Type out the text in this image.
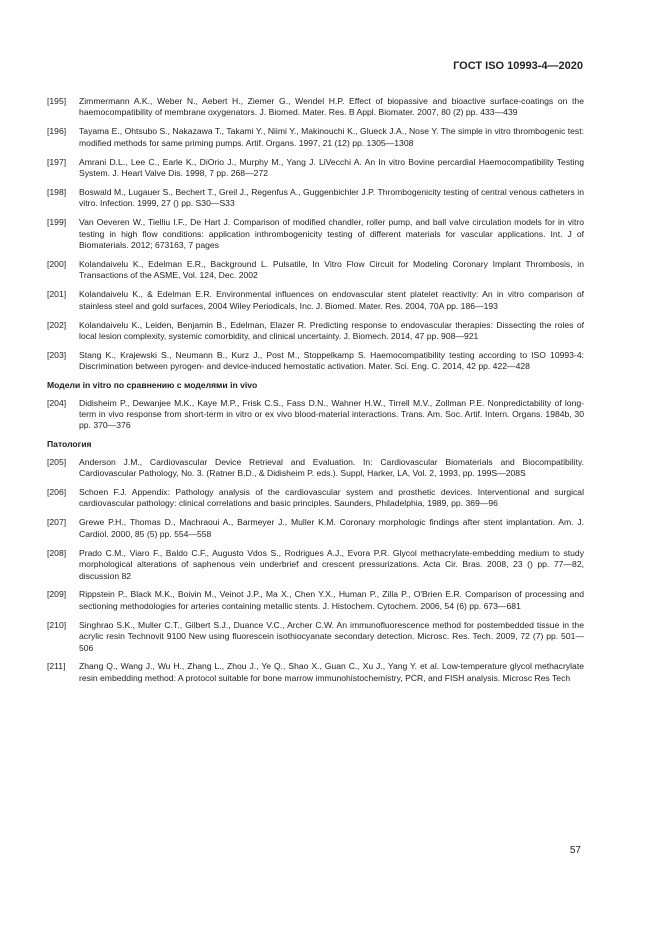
ГОСТ ISO 10993-4—2020
[195]	Zimmermann A.K., Weber N., Aebert H., Ziemer G., Wendel H.P. Effect of biopassive and bioactive surface-coatings on the haemocompatibility of membrane oxygenators. J. Biomed. Mater. Res. B Appl. Biomater. 2007, 80 (2) pp. 433—439
[196]	Tayama E., Ohtsubo S., Nakazawa T., Takami Y., Niimi Y., Makinouchi K., Glueck J.A., Nose Y. The simple in vitro thrombogenic test: modified methods for same priming pumps. Artif. Organs. 1997, 21 (12) pp. 1305—1308
[197]	Amrani D.L., Lee C., Earle K., DiOrio J., Murphy M., Yang J. LiVecchi A. An In vitro Bovine percardial Haemocompatibility Testing System. J. Heart Valve Dis. 1998, 7 pp. 268—272
[198]	Boswald M., Lugauer S., Bechert T., Greil J., Regenfus A., Guggenbichler J.P. Thrombogenicity testing of central venous catheters in vitro. Infection. 1999, 27 () pp. S30—S33
[199]	Van Oeveren W., Tielliu I.F., De Hart J. Comparison of modified chandler, roller pump, and ball valve circulation models for in vitro testing in high flow conditions: application inthrombogenicity testing of different materials for vascular applications. Int. J of Biomaterials. 2012; 673163, 7 pages
[200]	Kolandaivelu K., Edelman E.R., Background L. Pulsatile, In Vitro Flow Circuit for Modeling Coronary Implant Thrombosis, in Transactions of the ASME, Vol. 124, Dec. 2002
[201]	Kolandaivelu K., & Edelman E.R. Environmental influences on endovascular stent platelet reactivity: An in vitro comparison of stainless steel and gold surfaces, 2004 Wiley Periodicals, Inc. J. Biomed. Mater. Res. 2004, 70A pp. 186—193
[202]	Kolandaivelu K., Leiden, Benjamin B., Edelman, Elazer R. Predicting response to endovascular therapies: Dissecting the roles of local lesion complexity, systemic comorbidity, and clinical uncertainty. J. Biomech. 2014, 47 pp. 908—921
[203]	Stang K., Krajewski S., Neumann B., Kurz J., Post M., Stoppelkamp S. Haemocompatibility testing according to ISO 10993-4: Discrimination between pyrogen- and device-induced hemostatic activation. Mater. Sci. Eng. C. 2014, 42 pp. 422—428
Модели in vitro по сравнению с моделями in vivo
[204]	Didisheim P., Dewanjee M.K., Kaye M.P., Frisk C.S., Fass D.N., Wahner H.W., Tirrell M.V., Zollman P.E. Nonpredictability of long-term in vivo response from short-term in vitro or ex vivo blood-material interactions. Trans. Am. Soc. Artif. Intern. Organs. 1984b, 30 pp. 370—376
Патология
[205]	Anderson J.M., Cardiovascular Device Retrieval and Evaluation. In: Cardiovascular Biomaterials and Biocompatibility. Cardiovascular Pathology, No. 3. (Ratner B.D., & Didisheim P. eds.). Suppl, Harker, LA, Vol. 2, 1993, pp. 199S—208S
[206]	Schoen F.J. Appendix: Pathology analysis of the cardiovascular system and prosthetic devices. Interventional and surgical cardiovascular pathology: clinical correlations and basic principles. Saunders, Philadelphia, 1989, pp. 369—96
[207]	Grewe P.H., Thomas D., Machraoui A., Barmeyer J., Muller K.M. Coronary morphologic findings after stent implantation. Am. J. Cardiol. 2000, 85 (5) pp. 554—558
[208]	Prado C.M., Viaro F., Baldo C.F., Augusto Vdos S., Rodrigues A.J., Evora P.R. Glycol methacrylate-embedding medium to study morphological alterations of saphenous vein underbrief and crescent pressurizations. Acta Cir. Bras. 2008, 23 () pp. 77—82, discussion 82
[209]	Rippstein P., Black M.K., Boivin M., Veinot J.P., Ma X., Chen Y.X., Human P., Zilla P., O'Brien E.R. Comparison of processing and sectioning methodologies for arteries containing metallic stents. J. Histochem. Cytochem. 2006, 54 (6) pp. 673—681
[210]	Singhrao S.K., Muller C.T., Gilbert S.J., Duance V.C., Archer C.W. An immunofluorescence method for postembedded tissue in the acrylic resin Technovit 9100 New using fluorescein isothiocyanate secondary detection. Microsc. Res. Tech. 2009, 72 (7) pp. 501—506
[211]	Zhang Q., Wang J., Wu H., Zhang L., Zhou J., Ye Q., Shao X., Guan C., Xu J., Yang Y. et al. Low-temperature glycol methacrylate resin embedding method: A protocol suitable for bone marrow immunohistochemistry, PCR, and FISH analysis. Microsc Res Tech
57
